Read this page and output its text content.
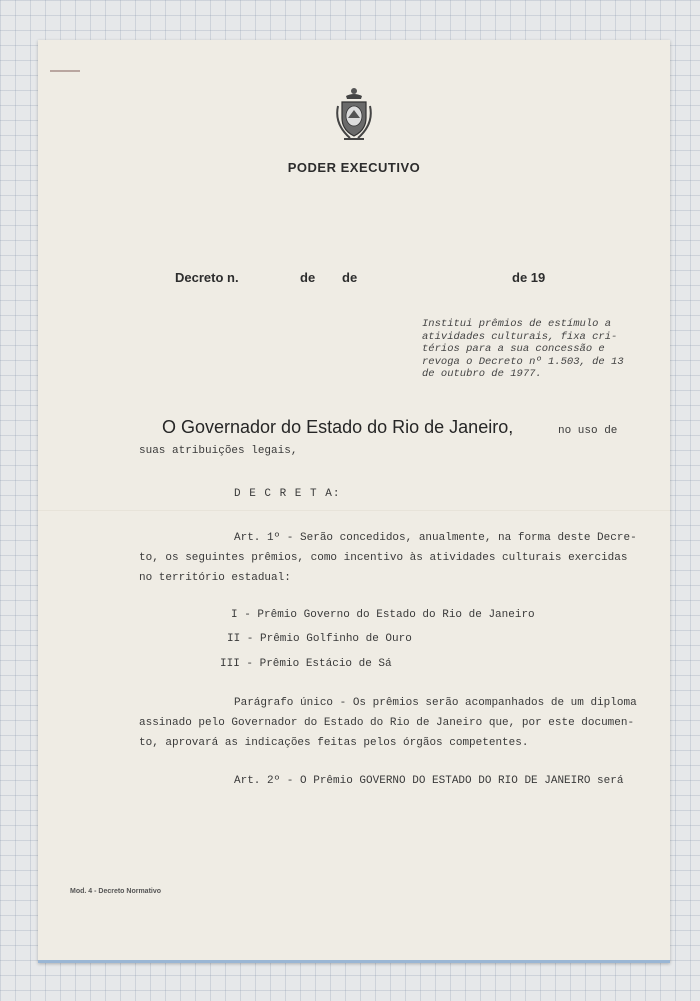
PODER EXECUTIVO
Decreto n.	de de	de 19
Institui prêmios de estímulo a
atividades culturais, fixa cri-
térios para a sua concessão e
revoga o Decreto nº 1.503, de 13
de outubro de 1977.
O Governador do Estado do Rio de Janeiro,	no uso de
suas atribuições legais,
D E C R E T A:
Art. 1º - Serão concedidos, anualmente, na forma deste Decre-
to, os seguintes prêmios, como incentivo às atividades culturais exercidas
no território estadual:
I - Prêmio Governo do Estado do Rio de Janeiro
II - Prêmio Golfinho de Ouro
III - Prêmio Estácio de Sá
Parágrafo único - Os prêmios serão acompanhados de um diploma
assinado pelo Governador do Estado do Rio de Janeiro que, por este documen-
to, aprovará as indicações feitas pelos órgãos competentes.
Art. 2º - O Prêmio GOVERNO DO ESTADO DO RIO DE JANEIRO será
Mod. 4 - Decreto Normativo
